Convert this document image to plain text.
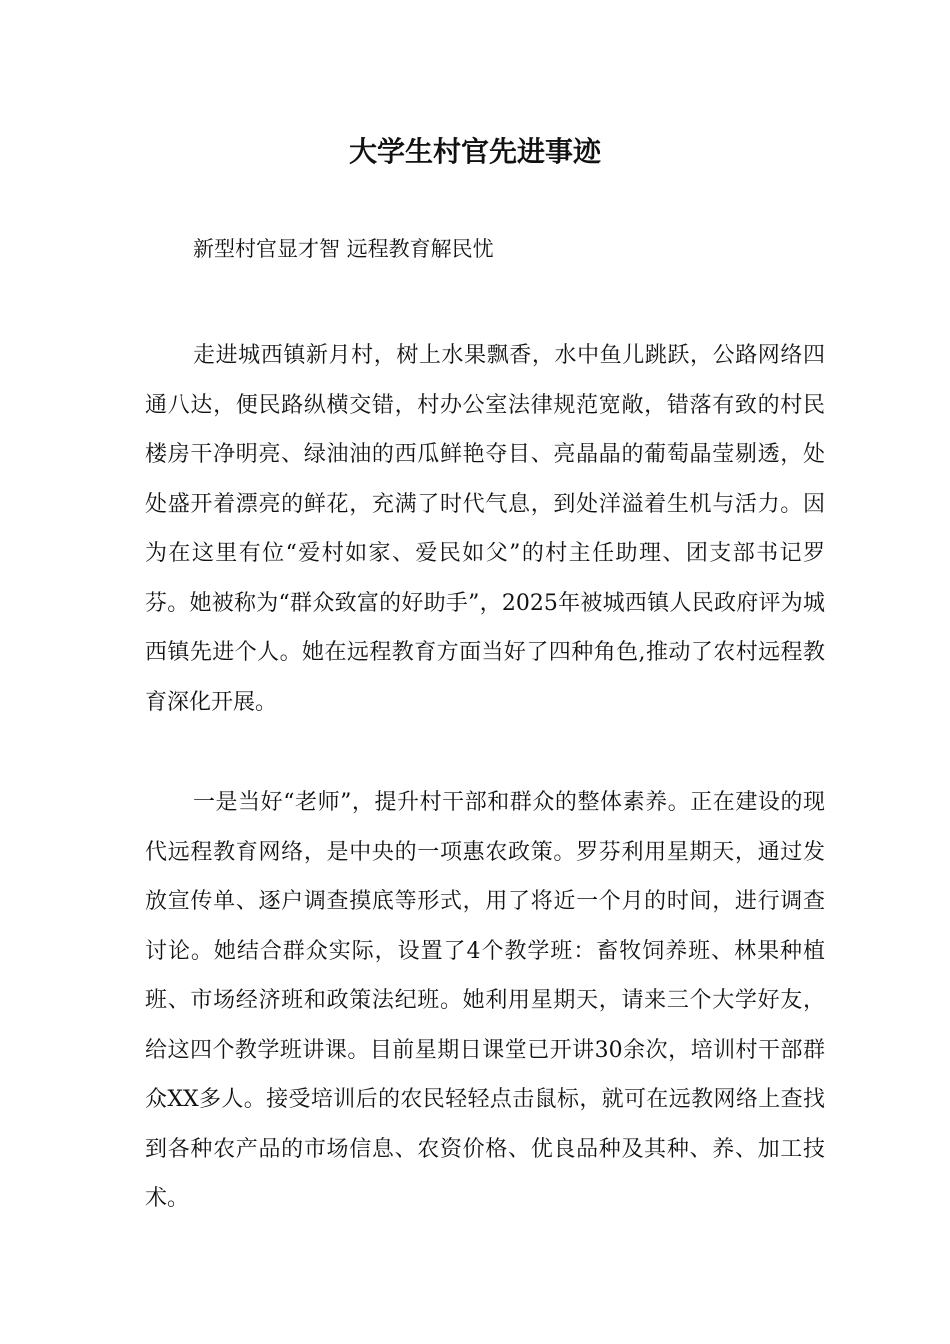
大学生村官先进事迹
新型村官显才智 远程教育解民忧

走进城西镇新月村，树上水果飘香，水中鱼儿跳跃，公路网络四通八达，便民路纵横交错，村办公室法律规范宽敞，错落有致的村民楼房干净明亮、绿油油的西瓜鲜艳夺目、亮晶晶的葡萄晶莹剔透，处处盛开着漂亮的鲜花，充满了时代气息，到处洋溢着生机与活力。因为在这里有位“爱村如家、爱民如父”的村主任助理、团支部书记罗芬。她被称为“群众致富的好助手”，2025年被城西镇人民政府评为城西镇先进个人。她在远程教育方面当好了四种角色,推动了农村远程教育深化开展。

一是当好“老师”，提升村干部和群众的整体素养。正在建设的现代远程教育网络，是中央的一项惠农政策。罗芬利用星期天，通过发放宣传单、逐户调查摸底等形式，用了将近一个月的时间，进行调查讨论。她结合群众实际，设置了4个教学班：畜牧饲养班、林果种植班、市场经济班和政策法纪班。她利用星期天，请来三个大学好友，给这四个教学班讲课。目前星期日课堂已开讲30余次，培训村干部群众XX多人。接受培训后的农民轻轻点击鼠标，就可在远教网络上查找到各种农产品的市场信息、农资价格、优良品种及其种、养、加工技术。
